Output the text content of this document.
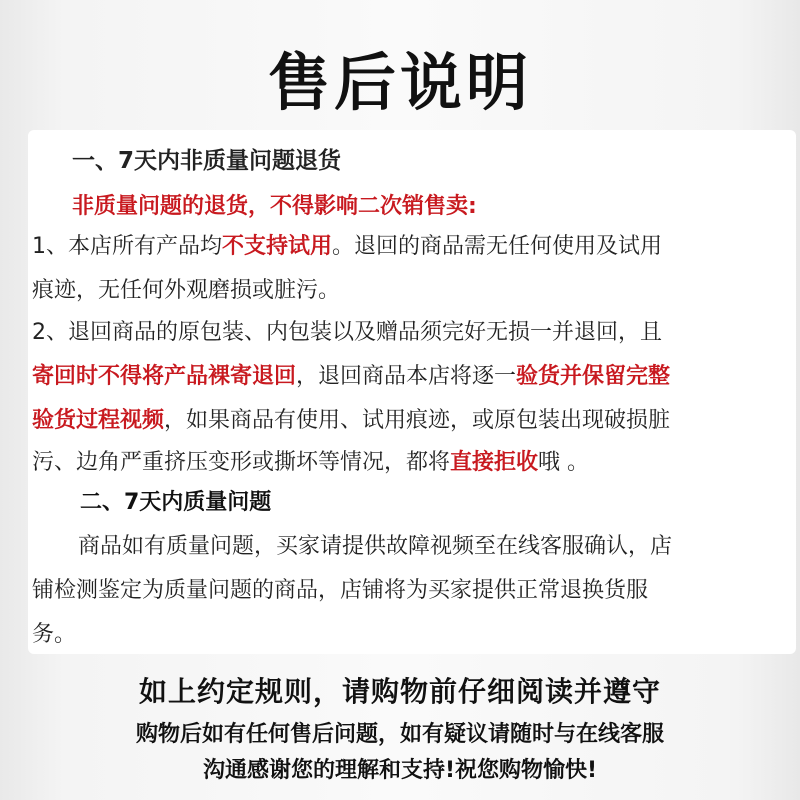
售后说明
一、7天内非质量问题退货
非质量问题的退货，不得影响二次销售卖:
1、本店所有产品均不支持试用。退回的商品需无任何使用及试用
痕迹，无任何外观磨损或脏污。
2、退回商品的原包装、内包装以及赠品须完好无损一并退回，且
寄回时不得将产品裸寄退回，退回商品本店将逐一验货并保留完整
验货过程视频，如果商品有使用、试用痕迹，或原包装出现破损脏
污、边角严重挤压变形或撕坏等情况，都将直接拒收哦 。
二、7天内质量问题
商品如有质量问题，买家请提供故障视频至在线客服确认，店
铺检测鉴定为质量问题的商品，店铺将为买家提供正常退换货服
务。
如上约定规则，请购物前仔细阅读并遵守
购物后如有任何售后问题，如有疑议请随时与在线客服
沟通感谢您的理解和支持!祝您购物愉快!
